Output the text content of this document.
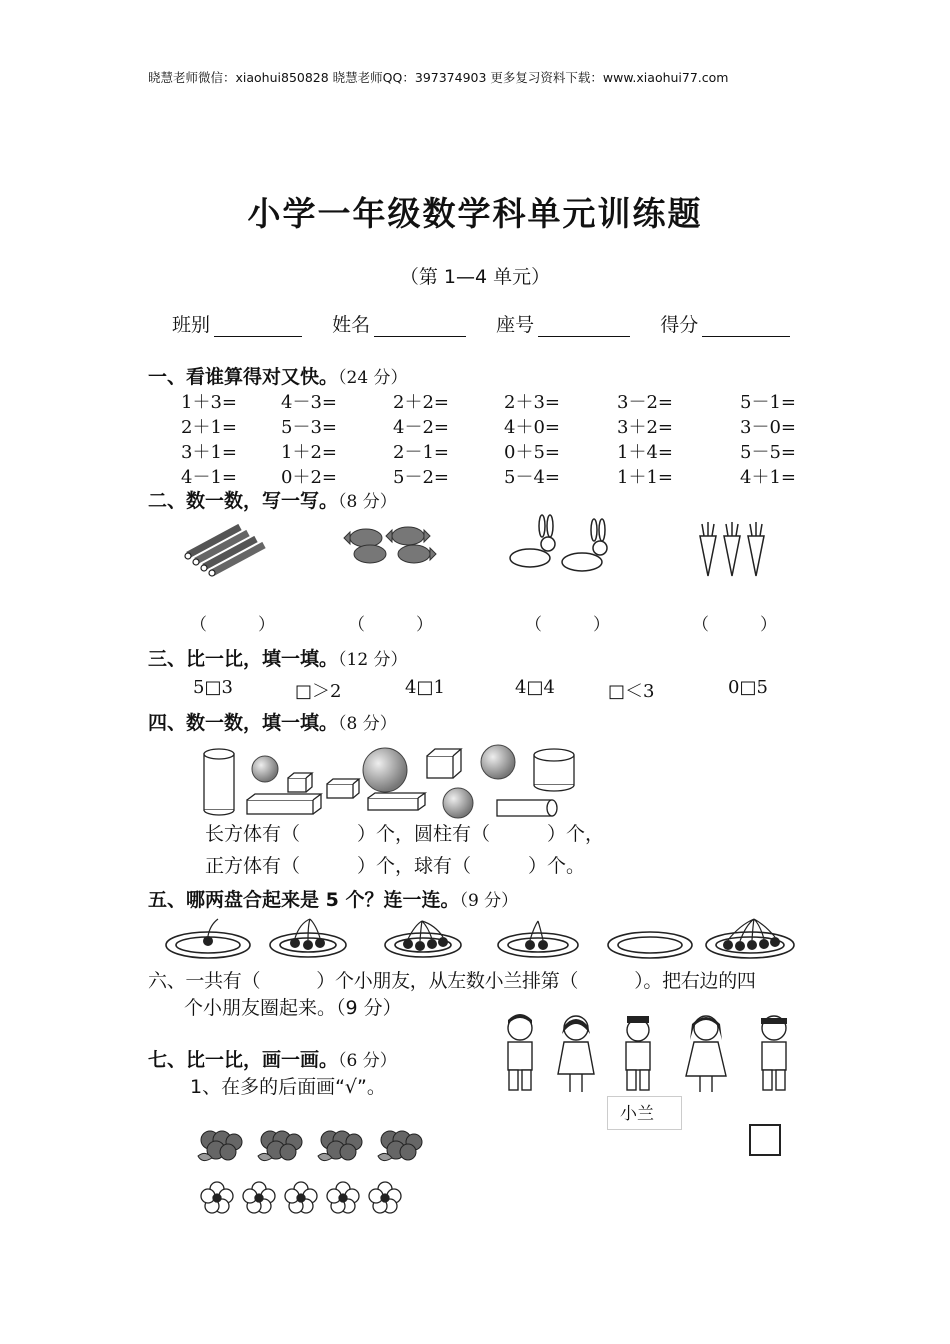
晓慧老师微信：xiaohui850828 晓慧老师QQ：397374903 更多复习资料下载：www.xiaohui77.com
小学一年级数学科单元训练题
（第 1—4 单元）
班别	姓名	座号	得分
一、看谁算得对又快。（24 分）
1＋3= 4－3=	2＋2=	2＋3=	3－2=	5－1=
2＋1= 5－3=	4－2=	4＋0=	3＋2=	3－0=
3＋1= 1＋2=	2－1=	0＋5=	1＋4=	5－5=
4－1= 0＋2=	5－2=	5－4=	1＋1=	4＋1=
二、数一数，写一写。（8 分）
（　　　）	（　　　）	（　　　）	（　　　）
三、比一比，填一填。（12 分）
5□3	□＞2	4□1	4□4	□＜3	0□5
四、数一数，填一填。（8 分）
长方体有（　　　）个， 圆柱有（　　　）个，
正方体有（　　　）个， 球有（　　　）个。
五、哪两盘合起来是 5 个？连一连。（9 分）
六、一共有（　　　）个小朋友，从左数小兰排第（　　　）。把右边的四
个小朋友圈起来。（9 分）
小兰
七、比一比，画一画。（6 分）
1、在多的后面画“√”。
